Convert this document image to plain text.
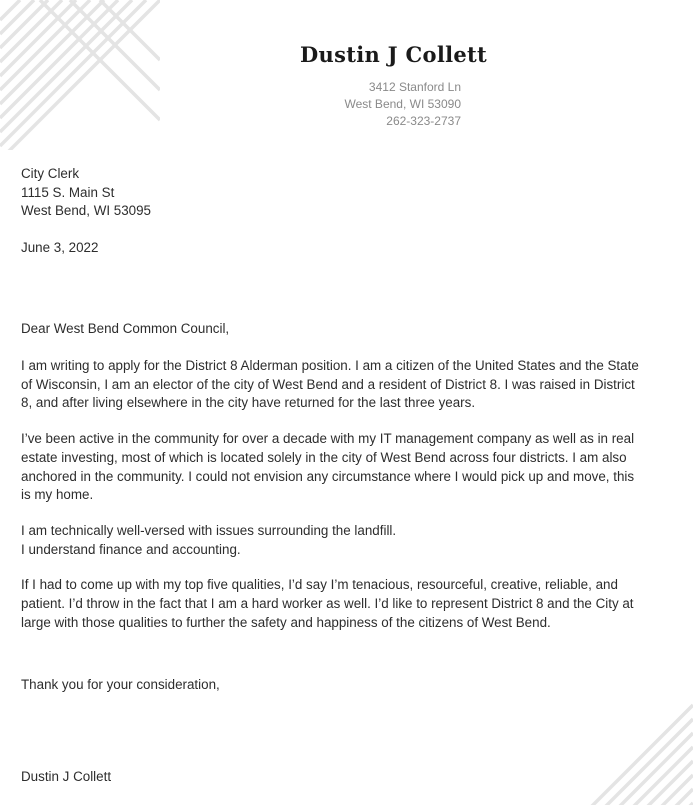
Dustin J Collett
3412 Stanford Ln
West Bend, WI 53090
262-323-2737
City Clerk
1115 S. Main St
West Bend, WI 53095
June 3, 2022
Dear West Bend Common Council,

I am writing to apply for the District 8 Alderman position. I am a citizen of the United States and the State of Wisconsin, I am an elector of the city of West Bend and a resident of District 8. I was raised in District 8, and after living elsewhere in the city have returned for the last three years.

I’ve been active in the community for over a decade with my IT management company as well as in real estate investing, most of which is located solely in the city of West Bend across four districts. I am also anchored in the community. I could not envision any circumstance where I would pick up and move, this is my home.

I am technically well-versed with issues surrounding the landfill.
I understand finance and accounting.

If I had to come up with my top five qualities, I’d say I’m tenacious, resourceful, creative, reliable, and patient. I’d throw in the fact that I am a hard worker as well. I’d like to represent District 8 and the City at large with those qualities to further the safety and happiness of the citizens of West Bend.

Thank you for your consideration,
Dustin J Collett
